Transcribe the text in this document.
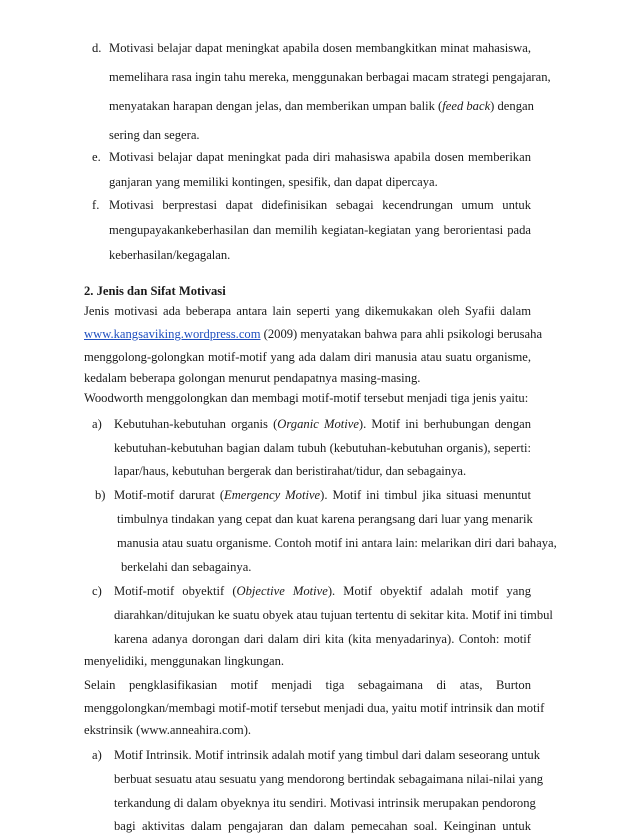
d. Motivasi belajar dapat meningkat apabila dosen membangkitkan minat mahasiswa,
memelihara rasa ingin tahu mereka, menggunakan berbagai macam strategi pengajaran,
menyatakan harapan dengan jelas, dan memberikan umpan balik (feed back) dengan
sering dan segera.
e. Motivasi belajar dapat meningkat pada diri mahasiswa apabila dosen memberikan
ganjaran yang memiliki kontingen, spesifik, dan dapat dipercaya.
f. Motivasi berprestasi dapat didefinisikan sebagai kecendrungan umum untuk
mengupayakankeberhasilan dan memilih kegiatan-kegiatan yang berorientasi pada
keberhasilan/kegagalan.
2. Jenis dan Sifat Motivasi
Jenis motivasi ada beberapa antara lain seperti yang dikemukakan oleh Syafii dalam
www.kangsaviking.wordpress.com (2009) menyatakan bahwa para ahli psikologi berusaha
menggolong-golongkan motif-motif yang ada dalam diri manusia atau suatu organisme,
kedalam beberapa golongan menurut pendapatnya masing-masing.
Woodworth menggolongkan dan membagi motif-motif tersebut menjadi tiga jenis yaitu:
a) Kebutuhan-kebutuhan organis (Organic Motive). Motif ini berhubungan dengan
kebutuhan-kebutuhan bagian dalam tubuh (kebutuhan-kebutuhan organis), seperti:
lapar/haus, kebutuhan bergerak dan beristirahat/tidur, dan sebagainya.
b) Motif-motif darurat (Emergency Motive). Motif ini timbul jika situasi menuntut
timbulnya tindakan yang cepat dan kuat karena perangsang dari luar yang menarik
manusia atau suatu organisme. Contoh motif ini antara lain: melarikan diri dari bahaya,
berkelahi dan sebagainya.
c) Motif-motif obyektif (Objective Motive). Motif obyektif adalah motif yang
diarahkan/ditujukan ke suatu obyek atau tujuan tertentu di sekitar kita. Motif ini timbul
karena adanya dorongan dari dalam diri kita (kita menyadarinya). Contoh: motif
menyelidiki, menggunakan lingkungan.
Selain pengklasifikasian motif menjadi tiga sebagaimana di atas, Burton
menggolongkan/membagi motif-motif tersebut menjadi dua, yaitu motif intrinsik dan motif
ekstrinsik (www.anneahira.com).
a) Motif Intrinsik. Motif intrinsik adalah motif yang timbul dari dalam seseorang untuk
berbuat sesuatu atau sesuatu yang mendorong bertindak sebagaimana nilai-nilai yang
terkandung di dalam obyeknya itu sendiri. Motivasi intrinsik merupakan pendorong
bagi aktivitas dalam pengajaran dan dalam pemecahan soal. Keinginan untuk
